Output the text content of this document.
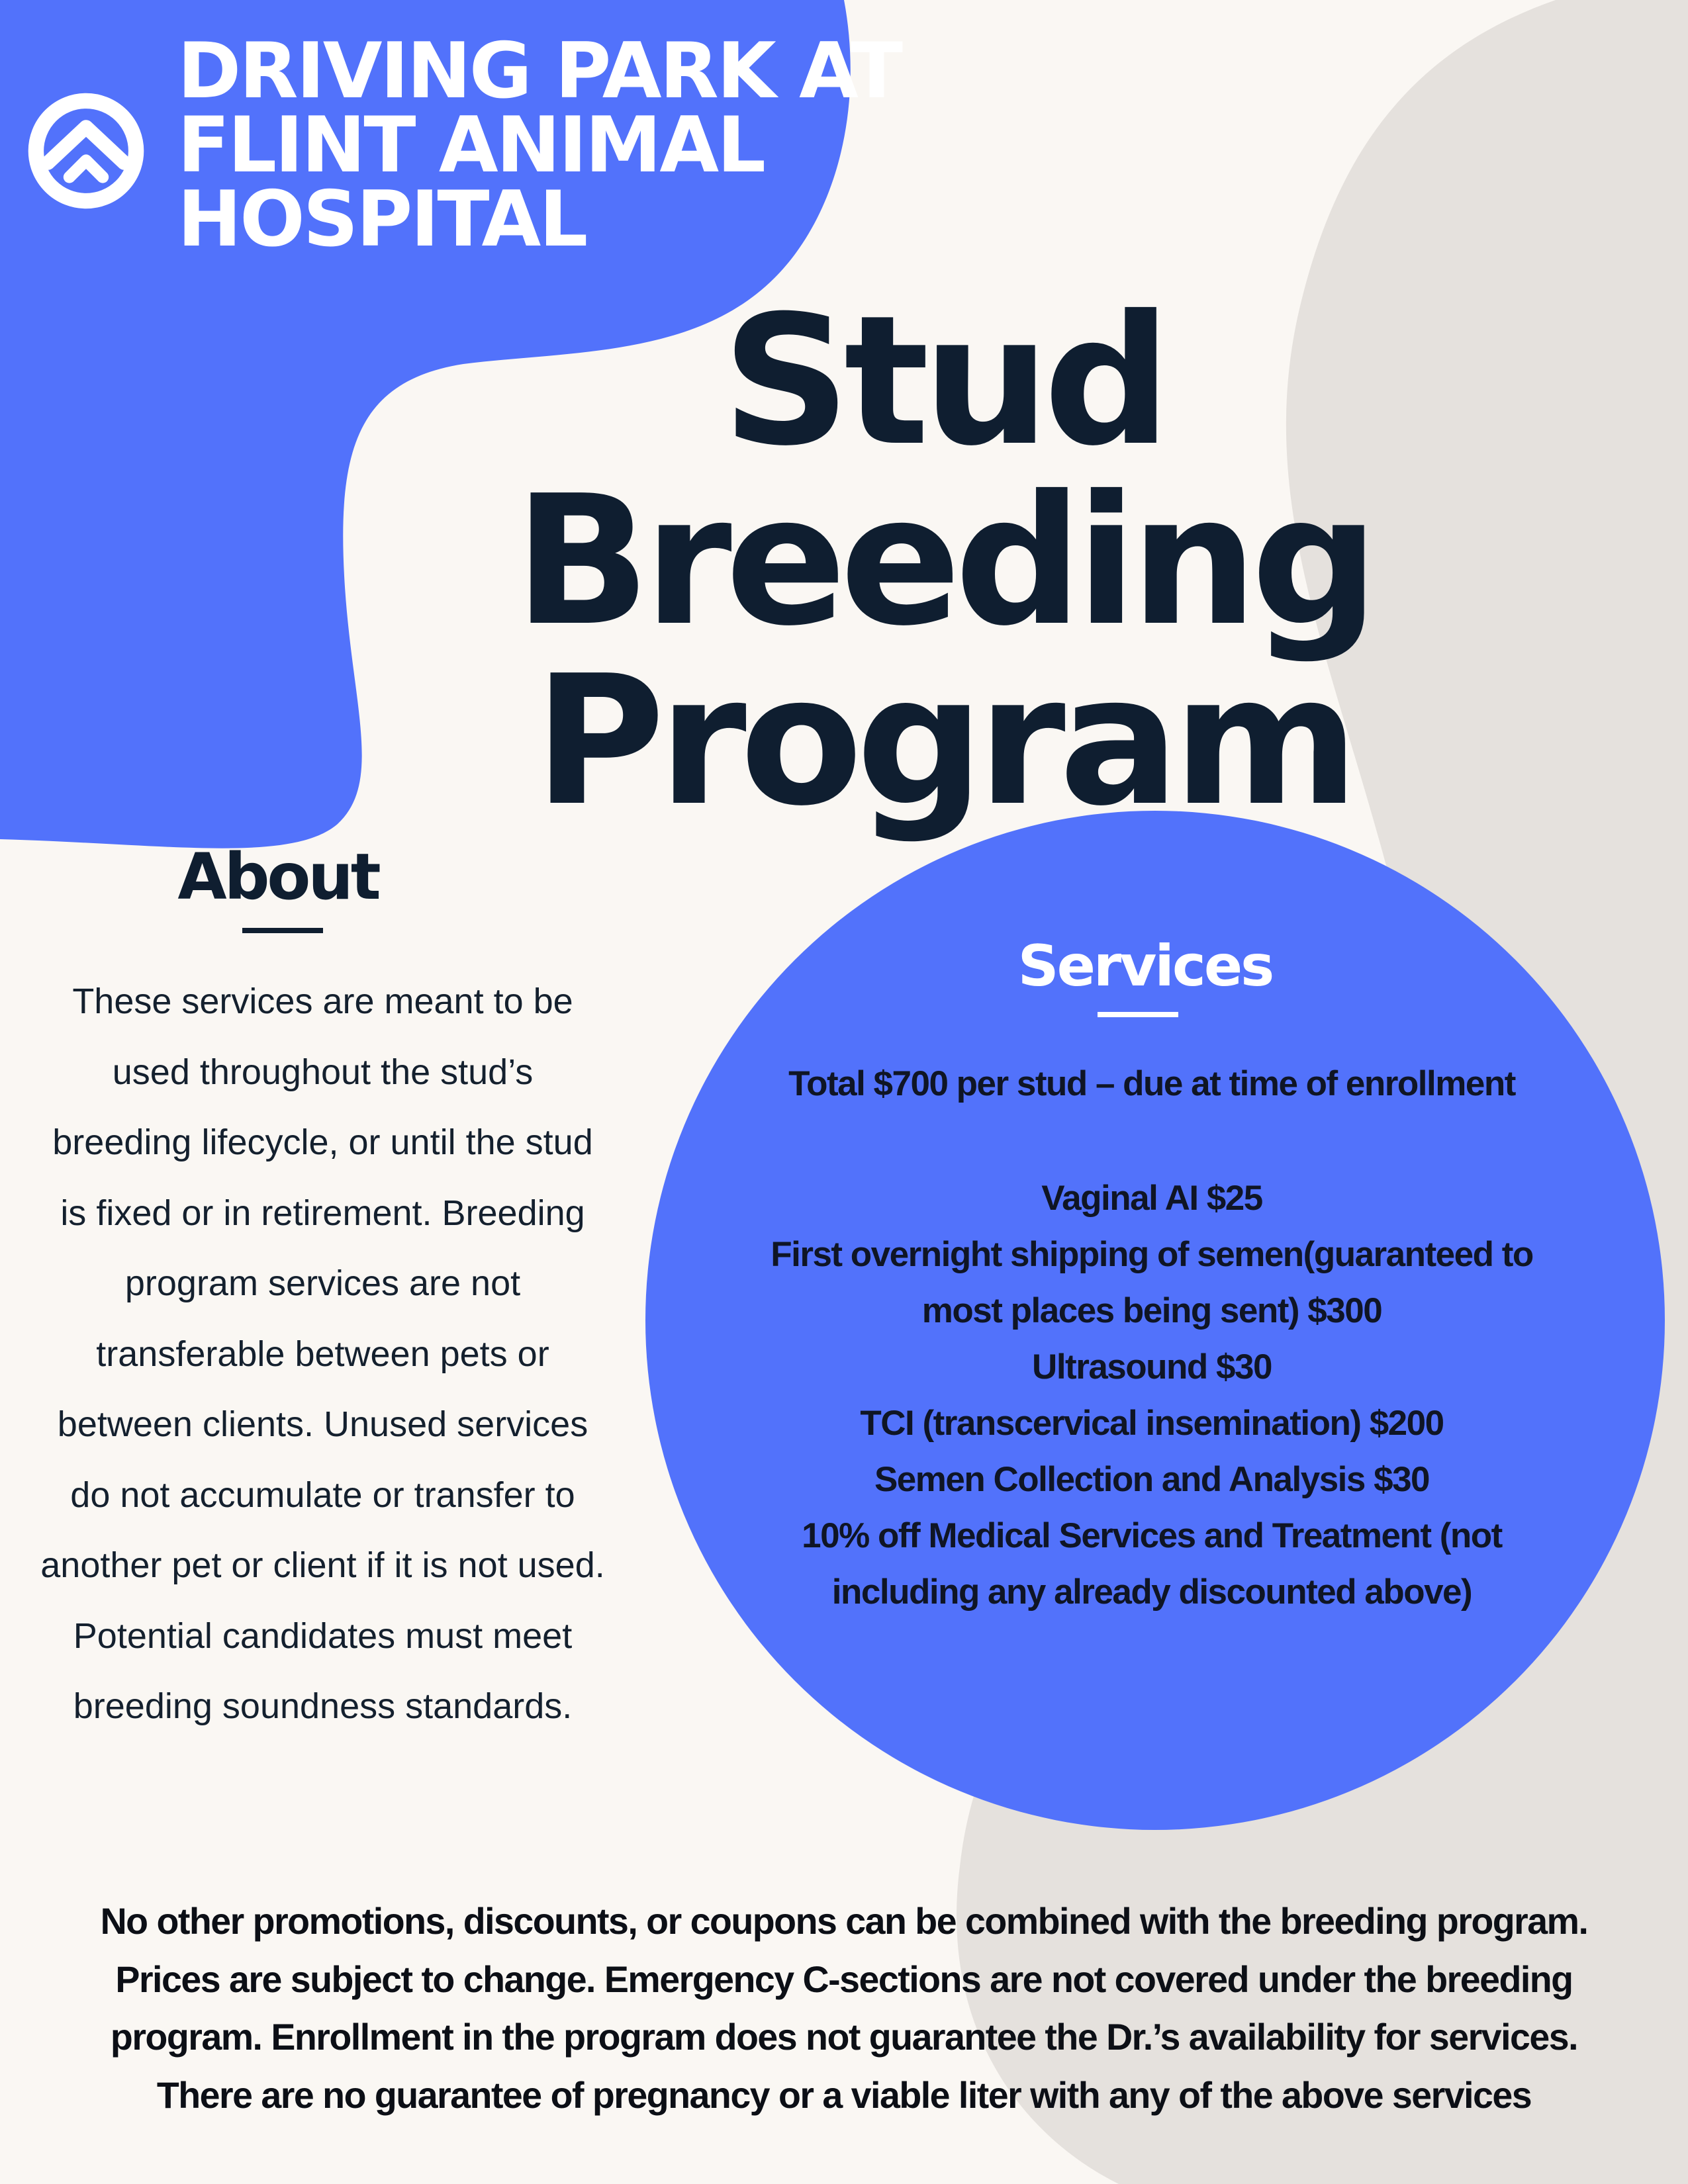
DRIVING PARK AT
FLINT ANIMAL
HOSPITAL
Stud
Breeding
Program
About
These services are meant to be
used throughout the stud’s
breeding lifecycle, or until the stud
is fixed or in retirement. Breeding
program services are not
transferable between pets or
between clients. Unused services
do not accumulate or transfer to
another pet or client if it is not used.
Potential candidates must meet
breeding soundness standards.
Services
Total $700 per stud – due at time of enrollment
Vaginal AI $25
First overnight shipping of semen(guaranteed to
most places being sent) $300
Ultrasound $30
TCI (transcervical insemination) $200
Semen Collection and Analysis $30
10% off Medical Services and Treatment (not
including any already discounted above)
No other promotions, discounts, or coupons can be combined with the breeding program.
Prices are subject to change. Emergency C-sections are not covered under the breeding
program. Enrollment in the program does not guarantee the Dr.’s availability for services.
There are no guarantee of pregnancy or a viable liter with any of the above services
